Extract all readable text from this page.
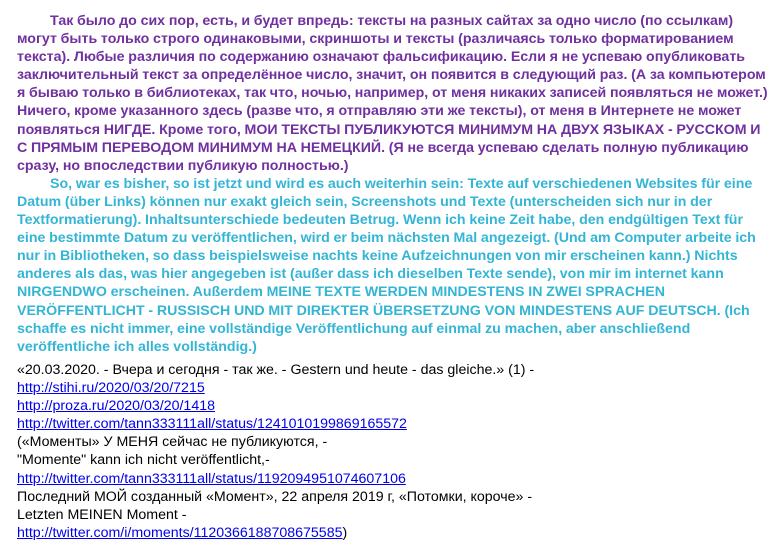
Так было до сих пор, есть, и будет впредь: тексты на разных сайтах за одно число (по ссылкам) могут быть только строго одинаковыми, скриншоты и тексты (различаясь только форматированием текста). Любые различия по содержанию означают фальсификацию. Если я не успеваю опубликовать заключительный текст за определённое число, значит, он появится в следующий раз. (А за компьютером я бываю только в библиотеках, так что, ночью, например, от меня никаких записей появляться не может.) Ничего, кроме указанного здесь (разве что, я отправляю эти же тексты), от меня в Интернете не может появляться НИГДЕ. Кроме того, МОИ ТЕКСТЫ ПУБЛИКУЮТСЯ МИНИМУМ НА ДВУХ ЯЗЫКАХ - РУССКОМ И С ПРЯМЫМ ПЕРЕВОДОМ МИНИМУМ НА НЕМЕЦКИЙ. (Я не всегда успеваю сделать полную публикацию сразу, но впоследствии публикую полностью.)

So, war es bisher, so ist jetzt und wird es auch weiterhin sein: Texte auf verschiedenen Websites für eine Datum (über Links) können nur exakt gleich sein, Screenshots und Texte (unterscheiden sich nur in der Textformatierung). Inhaltsunterschiede bedeuten Betrug. Wenn ich keine Zeit habe, den endgültigen Text für eine bestimmte Datum zu veröffentlichen, wird er beim nächsten Mal angezeigt. (Und am Computer arbeite ich nur in Bibliotheken, so dass beispielsweise nachts keine Aufzeichnungen von mir erscheinen kann.) Nichts anderes als das, was hier angegeben ist (außer dass ich dieselben Texte sende), von mir im internet kann NIRGENDWO erscheinen. Außerdem MEINE TEXTE WERDEN MINDESTENS IN ZWEI SPRACHEN VERÖFFENTLICHT - RUSSISCH UND MIT DIREKTER ÜBERSETZUNG VON MINDESTENS AUF DEUTSCH. (Ich schaffe es nicht immer, eine vollständige Veröffentlichung auf einmal zu machen, aber anschließend veröffentliche ich alles vollständig.)

«20.03.2020. - Вчера и сегодня - так же. - Gestern und heute - das gleiche.» (1) -
http://stihi.ru/2020/03/20/7215
http://proza.ru/2020/03/20/1418
http://twitter.com/tann333111all/status/1241010199869165572
(«Моменты» У МЕНЯ сейчас не публикуются, -
"Momente" kann ich nicht veröffentlicht,-
http://twitter.com/tann333111all/status/1192094951074607106
Последний МОЙ созданный «Момент», 22 апреля 2019 г, «Потомки, короче» -
Letzten MEINEN Moment -
http://twitter.com/i/moments/1120366188708675585)
